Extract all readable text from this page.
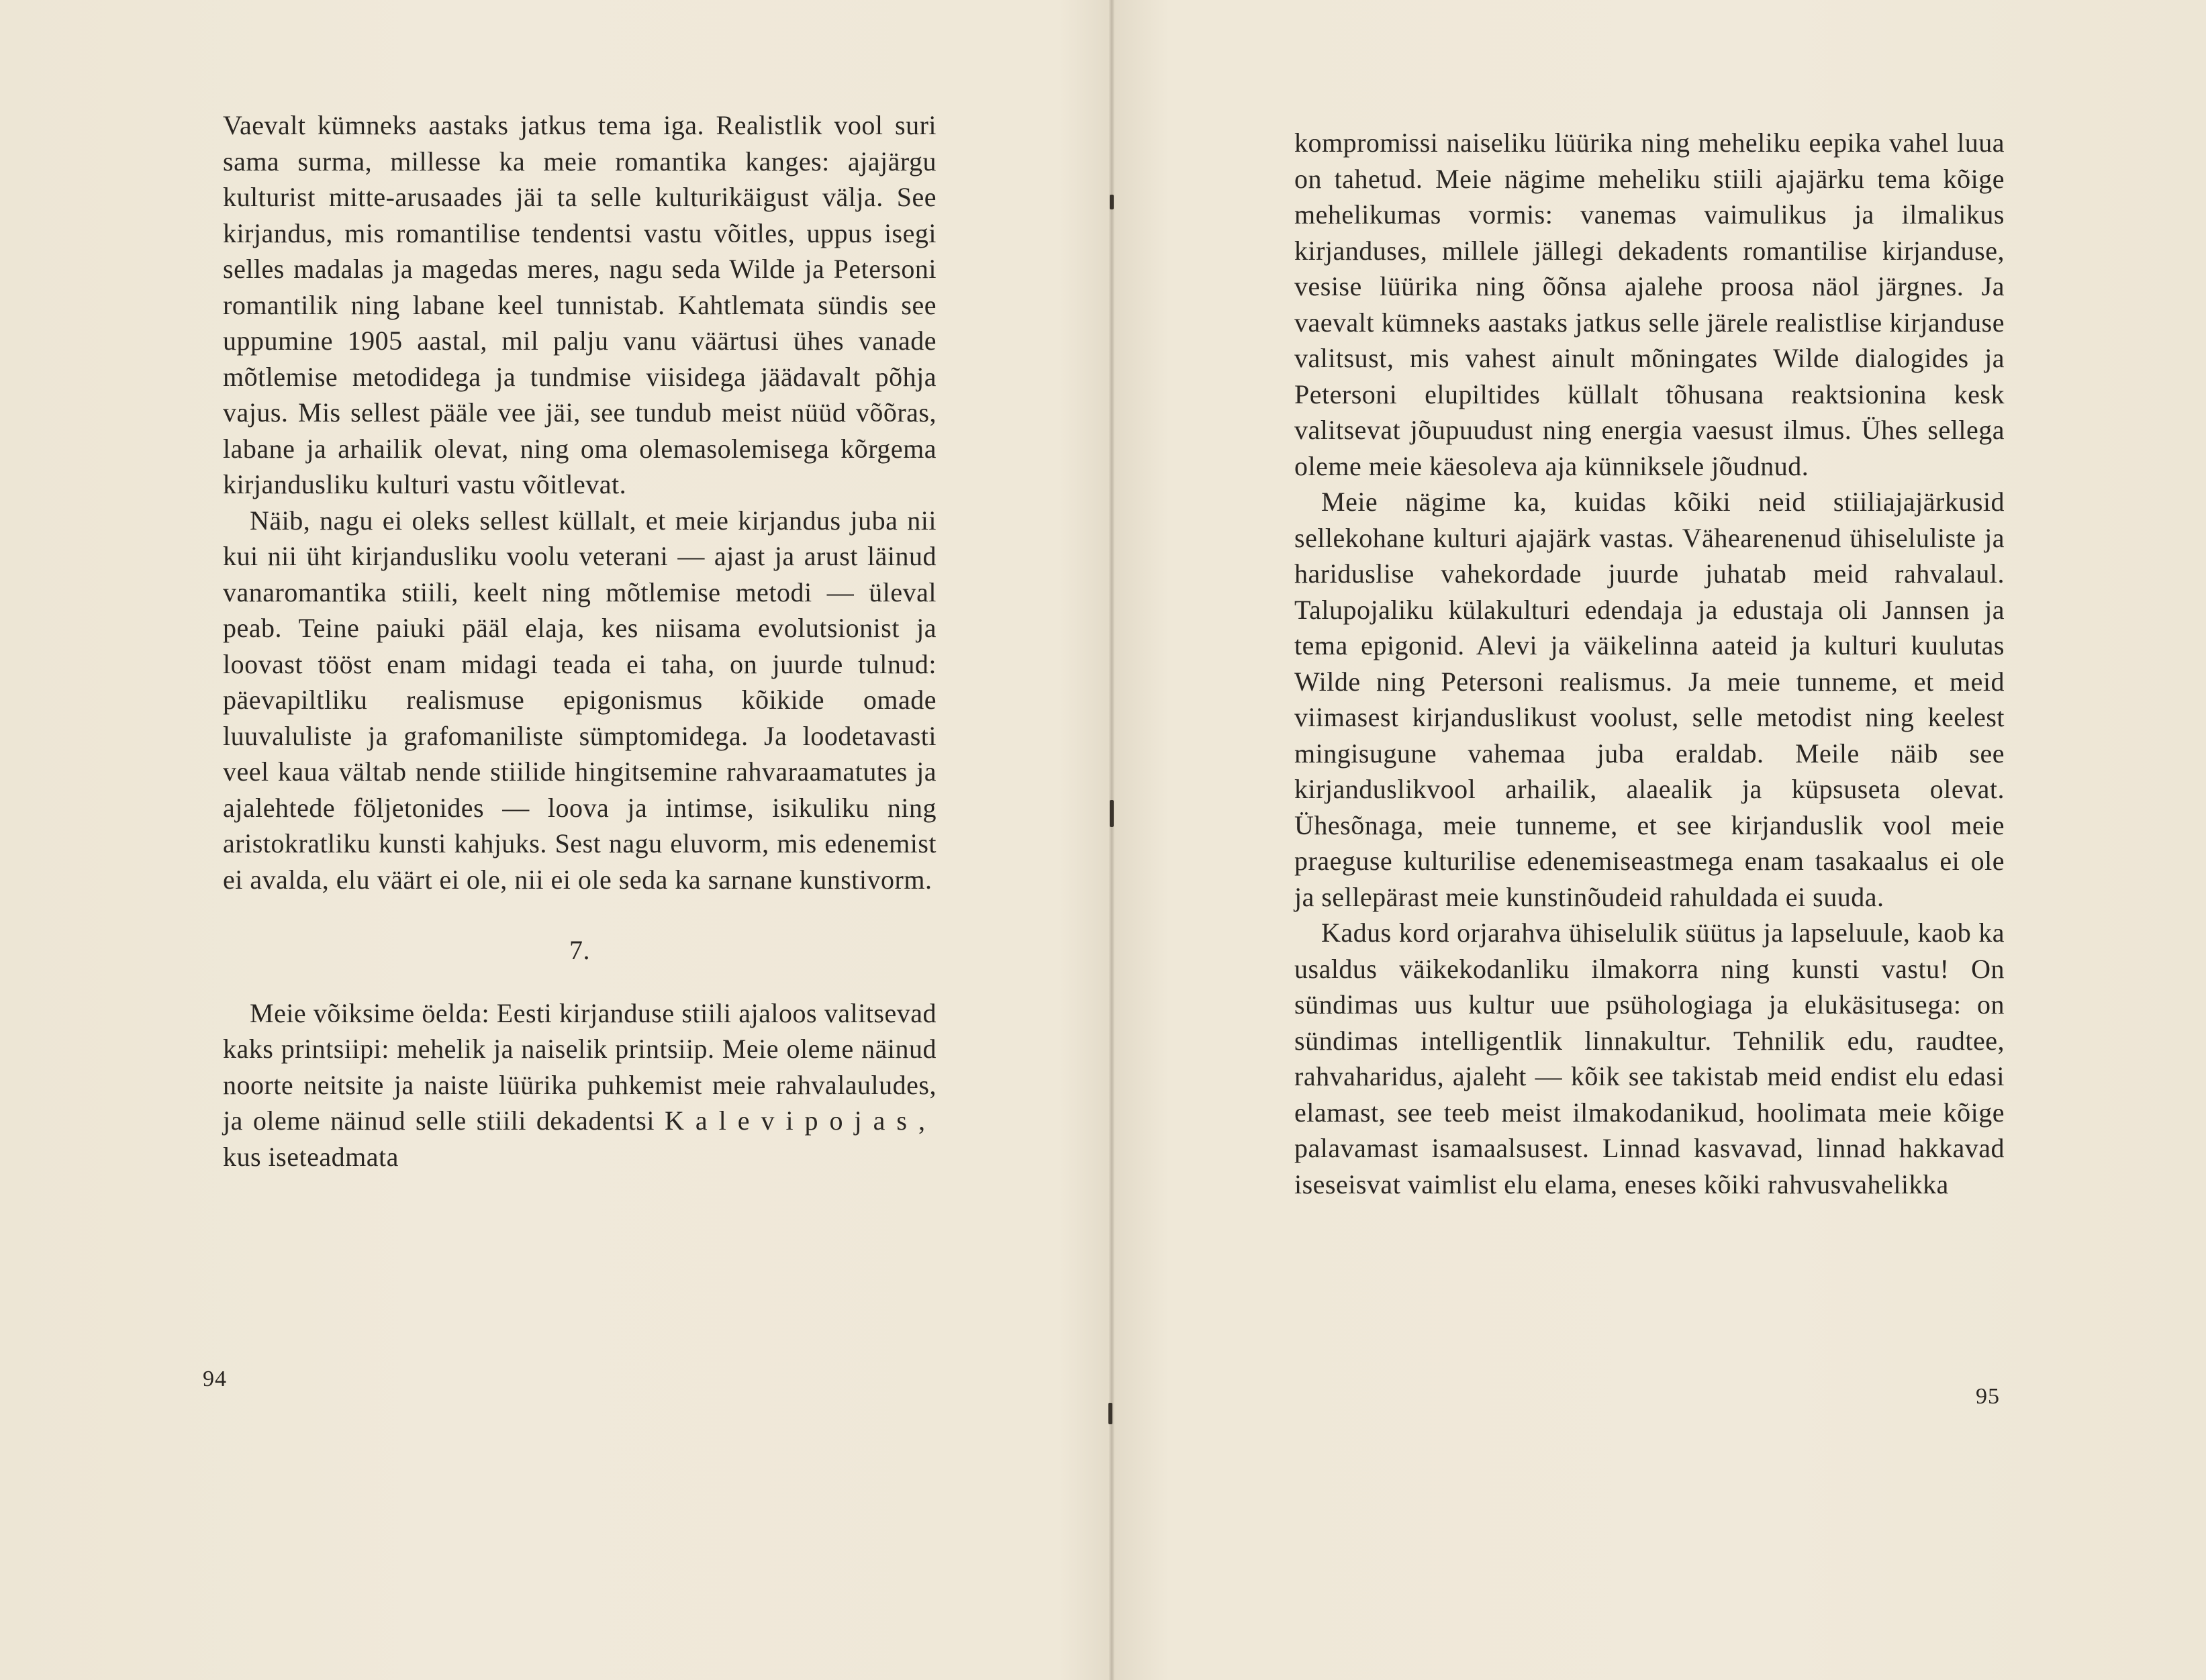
Vaevalt kümneks aastaks jatkus tema iga. Realistlik vool suri sama surma, millesse ka meie romantika kanges: ajajärgu kulturist mitte-arusaades jäi ta selle kulturikäigust välja. See kirjandus, mis romantilise tendentsi vastu võitles, uppus isegi selles madalas ja magedas meres, nagu seda Wilde ja Petersoni romantilik ning labane keel tunnistab. Kahtlemata sündis see uppumine 1905 aastal, mil palju vanu väärtusi ühes vanade mõtlemise metodidega ja tundmise viisidega jäädavalt põhja vajus. Mis sellest pääle vee jäi, see tundub meist nüüd võõras, labane ja arhailik olevat, ning oma olemasolemisega kõrgema kirjandusliku kulturi vastu võitlevat.

Näib, nagu ei oleks sellest küllalt, et meie kirjandus juba nii kui nii üht kirjandusliku voolu veterani — ajast ja arust läinud vanaromantika stiili, keelt ning mõtlemise metodi — üleval peab. Teine paiuki pääl elaja, kes niisama evolutsionist ja loovast tööst enam midagi teada ei taha, on juurde tulnud: päevapiltliku realismuse epigonismus kõikide omade luuvaluliste ja grafomaniliste sümptomidega. Ja loodetavasti veel kaua vältab nende stiilide hingitsemine rahvaraamatutes ja ajalehtede följetonides — loova ja intimse, isikuliku ning aristokratliku kunsti kahjuks. Sest nagu eluvorm, mis edenemist ei avalda, elu väärt ei ole, nii ei ole seda ka sarnane kunstivorm.

7.

Meie võiksime öelda: Eesti kirjanduse stiili ajaloos valitsevad kaks printsiipi: mehelik ja naiselik printsiip. Meie oleme näinud noorte neitsite ja naiste lüürika puhkemist meie rahvalauludes, ja oleme näinud selle stiili dekadentsi Kalevipojas, kus iseteadmata

94

kompromissi naiseliku lüürika ning meheliku eepika vahel luua on tahetud. Meie nägime meheliku stiili ajajärku tema kõige mehelikumas vormis: vanemas vaimulikus ja ilmalikus kirjanduses, millele jällegi dekadents romantilise kirjanduse, vesise lüürika ning õõnsa ajalehe proosa näol järgnes. Ja vaevalt kümneks aastaks jatkus selle järele realistlise kirjanduse valitsust, mis vahest ainult mõningates Wilde dialogides ja Petersoni elupiltides küllalt tõhusana reaktsionina kesk valitsevat jõupuudust ning energia vaesust ilmus. Ühes sellega oleme meie käesoleva aja künniksele jõudnud.

Meie nägime ka, kuidas kõiki neid stiiliajajärkusid sellekohane kulturi ajajärk vastas. Vähearenenud ühiseluliste ja hariduslise vahekordade juurde juhatab meid rahvalaul. Talupojaliku külakulturi edendaja ja edustaja oli Jannsen ja tema epigonid. Alevi ja väikelinna aateid ja kulturi kuulutas Wilde ning Petersoni realismus. Ja meie tunneme, et meid viimasest kirjanduslikust voolust, selle metodist ning keelest mingisugune vahemaa juba eraldab. Meile näib see kirjanduslikvool arhailik, alaealik ja küpsuseta olevat. Ühesõnaga, meie tunneme, et see kirjanduslik vool meie praeguse kulturilise edenemiseastmega enam tasakaalus ei ole ja sellepärast meie kunstinõudeid rahuldada ei suuda.

Kadus kord orjarahva ühiselulik süütus ja lapseluule, kaob ka usaldus väikekodanliku ilmakorra ning kunsti vastu! On sündimas uus kultur uue psühologiaga ja elukäsitusega: on sündimas intelligentlik linnakultur. Tehnilik edu, raudtee, rahvaharidus, ajaleht — kõik see takistab meid endist elu edasi elamast, see teeb meist ilmakodanikud, hoolimata meie kõige palavamast isamaalsusest. Linnad kasvavad, linnad hakkavad iseseisvat vaimlist elu elama, eneses kõiki rahvusvahelikka

95
